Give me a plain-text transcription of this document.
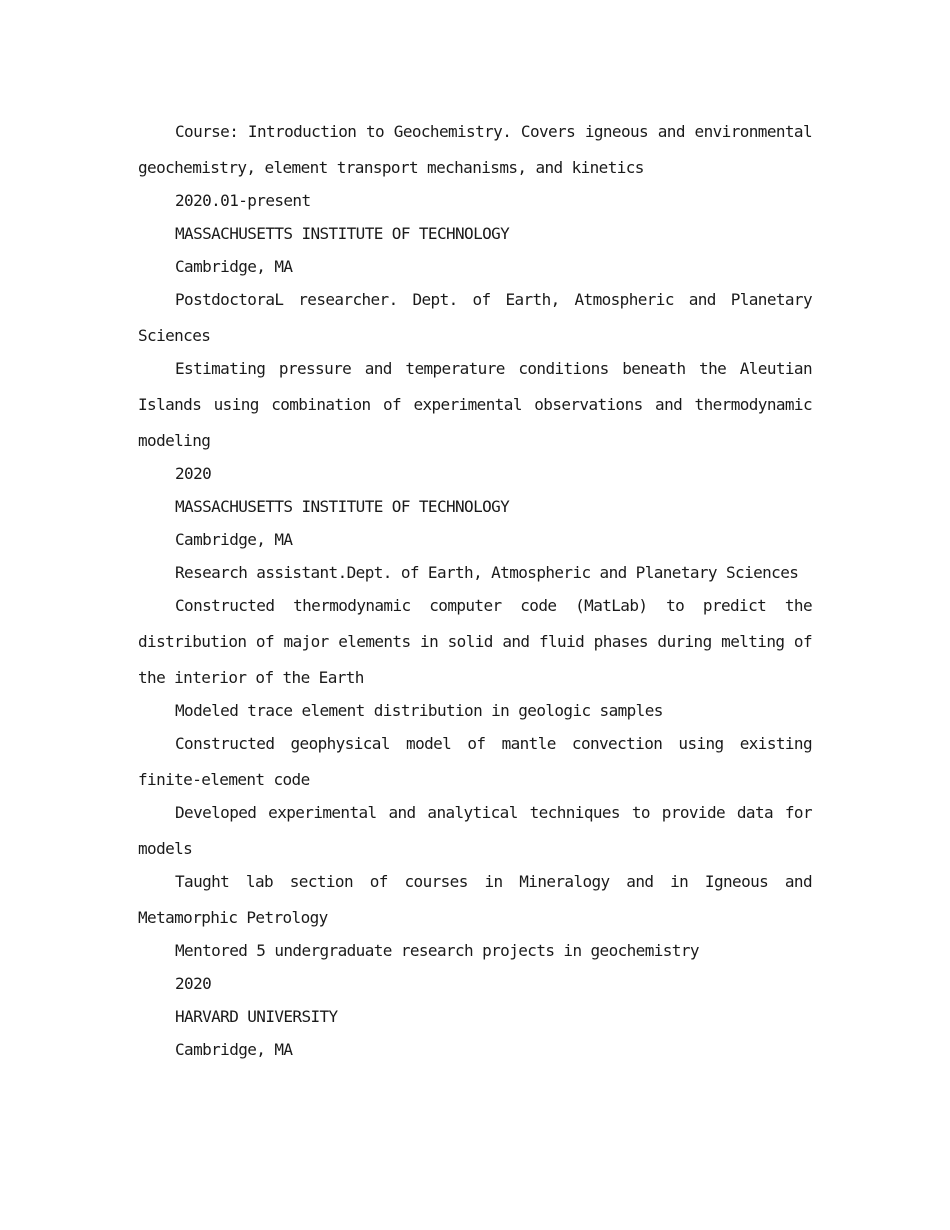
Course: Introduction to Geochemistry. Covers igneous and environmental geochemistry, element transport mechanisms, and kinetics

2020.01-present

MASSACHUSETTS INSTITUTE OF TECHNOLOGY

Cambridge, MA

PostdoctoraL researcher. Dept. of Earth, Atmospheric and Planetary Sciences

Estimating pressure and temperature conditions beneath the Aleutian Islands using combination of experimental observations and thermodynamic modeling

2020

MASSACHUSETTS INSTITUTE OF TECHNOLOGY

Cambridge, MA

Research assistant.Dept. of Earth, Atmospheric and Planetary Sciences

Constructed thermodynamic computer code (MatLab) to predict the distribution of major elements in solid and fluid phases during melting of the interior of the Earth

Modeled trace element distribution in geologic samples

Constructed geophysical model of mantle convection using existing finite-element code

Developed experimental and analytical techniques to provide data for models

Taught lab section of courses in Mineralogy and in Igneous and Metamorphic Petrology

Mentored 5 undergraduate research projects in geochemistry

2020

HARVARD UNIVERSITY

Cambridge, MA
